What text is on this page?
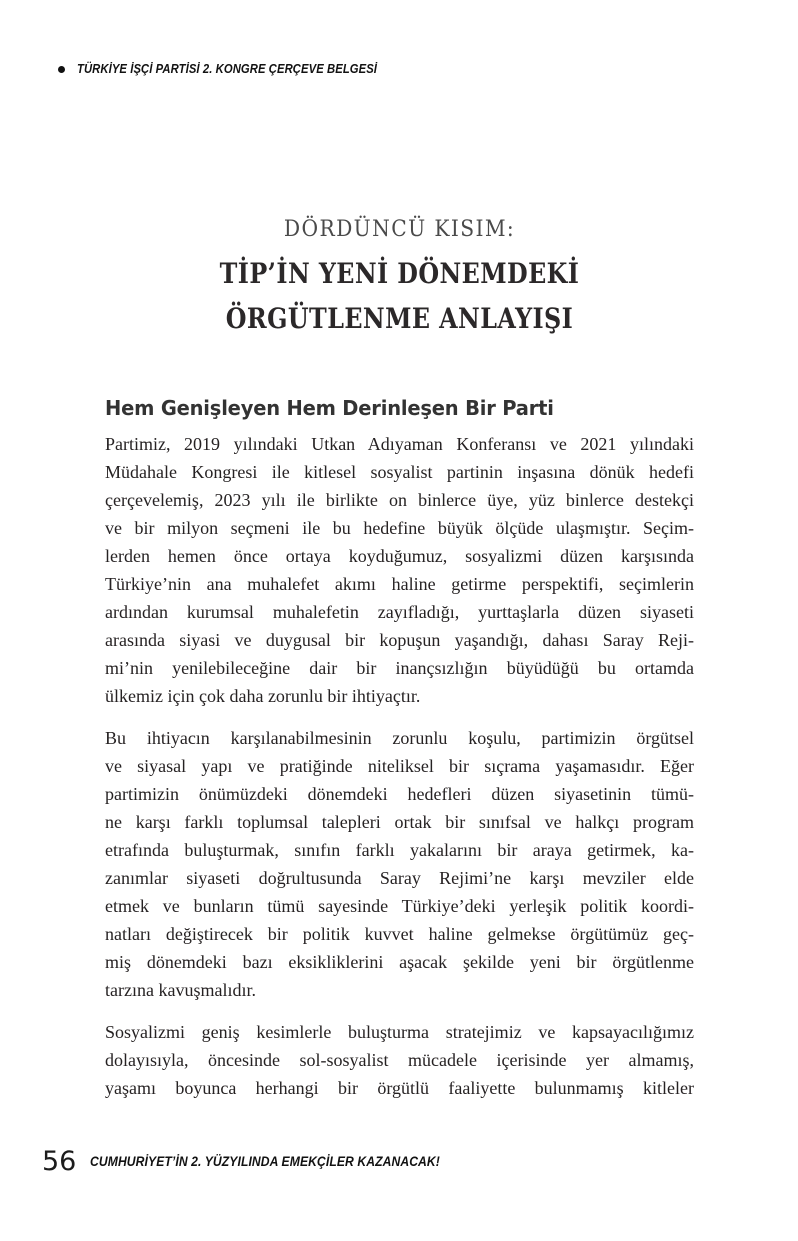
TÜRKİYE İŞÇİ PARTİSİ 2. KONGRE ÇERÇEVE BELGESİ
DÖRDÜNCÜ KISIM:
TİP’İN YENİ DÖNEMDEKİ
ÖRGÜTLENME ANLAYIŞI
Hem Genişleyen Hem Derinleşen Bir Parti
Partimiz, 2019 yılındaki Utkan Adıyaman Konferansı ve 2021 yılındaki
Müdahale Kongresi ile kitlesel sosyalist partinin inşasına dönük hedefi
çerçevelemiş, 2023 yılı ile birlikte on binlerce üye, yüz binlerce destekçi
ve bir milyon seçmeni ile bu hedefine büyük ölçüde ulaşmıştır. Seçim-
lerden hemen önce ortaya koyduğumuz, sosyalizmi düzen karşısında
Türkiye’nin ana muhalefet akımı haline getirme perspektifi, seçimlerin
ardından kurumsal muhalefetin zayıfladığı, yurttaşlarla düzen siyaseti
arasında siyasi ve duygusal bir kopuşun yaşandığı, dahası Saray Reji-
mi’nin yenilebileceğine dair bir inançsızlığın büyüdüğü bu ortamda
ülkemiz için çok daha zorunlu bir ihtiyaçtır.
Bu ihtiyacın karşılanabilmesinin zorunlu koşulu, partimizin örgütsel
ve siyasal yapı ve pratiğinde niteliksel bir sıçrama yaşamasıdır. Eğer
partimizin önümüzdeki dönemdeki hedefleri düzen siyasetinin tümü-
ne karşı farklı toplumsal talepleri ortak bir sınıfsal ve halkçı program
etrafında buluşturmak, sınıfın farklı yakalarını bir araya getirmek, ka-
zanımlar siyaseti doğrultusunda Saray Rejimi’ne karşı mevziler elde
etmek ve bunların tümü sayesinde Türkiye’deki yerleşik politik koordi-
natları değiştirecek bir politik kuvvet haline gelmekse örgütümüz geç-
miş dönemdeki bazı eksikliklerini aşacak şekilde yeni bir örgütlenme
tarzına kavuşmalıdır.
Sosyalizmi geniş kesimlerle buluşturma stratejimiz ve kapsayacılığımız
dolayısıyla, öncesinde sol-sosyalist mücadele içerisinde yer almamış,
yaşamı boyunca herhangi bir örgütlü faaliyette bulunmamış kitleler
56 CUMHURİYET’İN 2. YÜZYILINDA EMEKÇİLER KAZANACAK!
